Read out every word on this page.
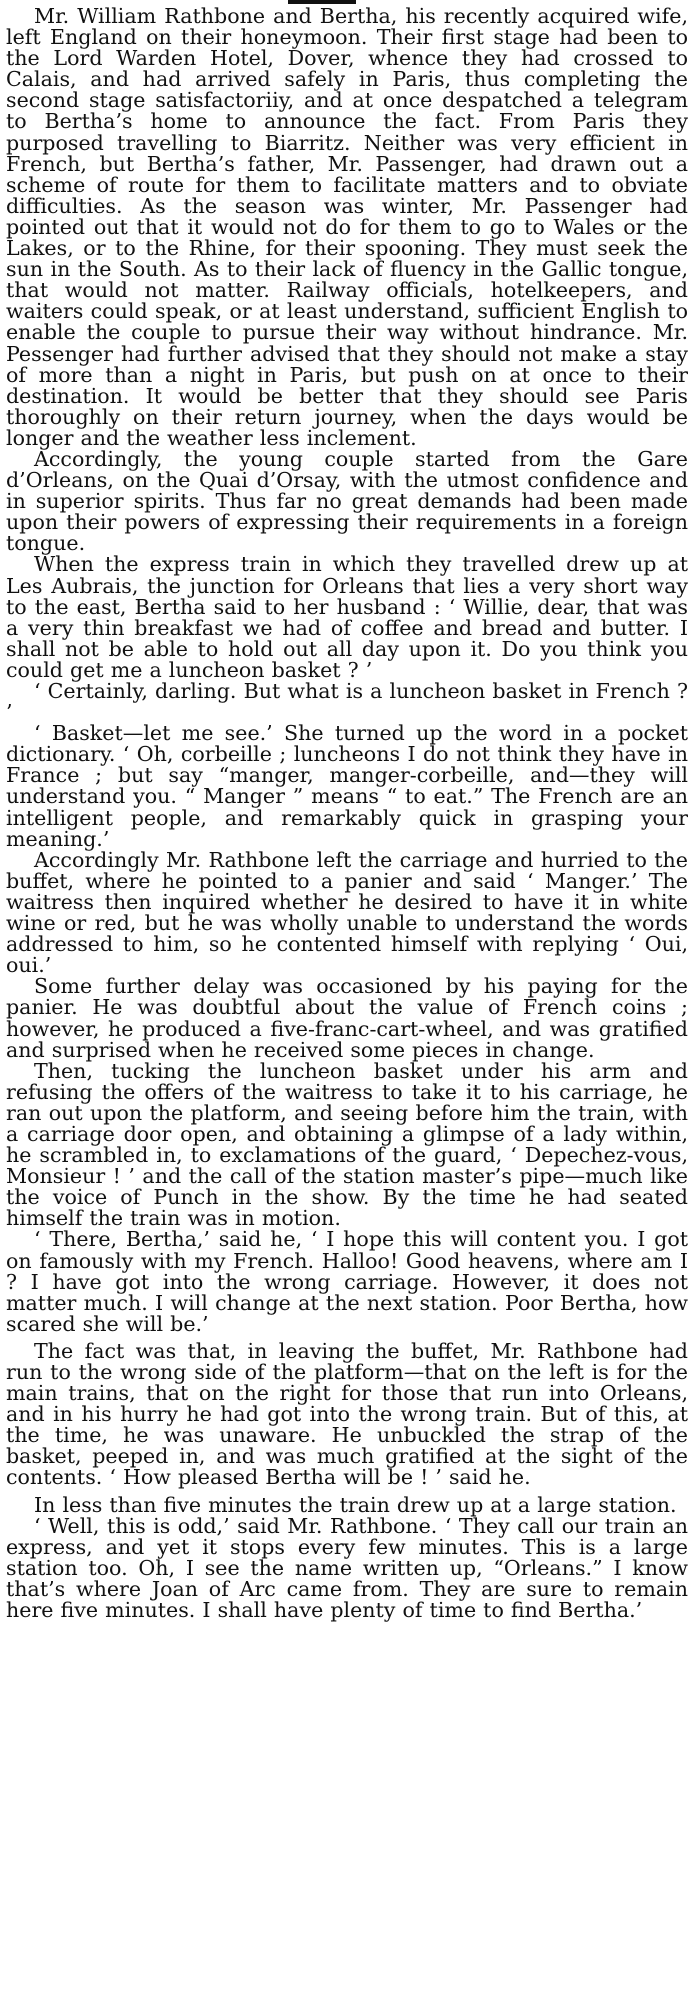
Mr. William Rathbone and Bertha, his recently acquired wife, left England on their honeymoon. Their first stage had been to the Lord Warden Hotel, Dover, whence they had crossed to Calais, and had arrived safely in Paris, thus completing the second stage satisfactoriiy, and at once despatched a telegram to Bertha’s home to announce the fact. From Paris they purposed travelling to Biarritz. Neither was very efficient in French, but Bertha’s father, Mr. Passenger, had drawn out a scheme of route for them to facilitate matters and to obviate difficulties. As the season was winter, Mr. Passenger had pointed out that it would not do for them to go to Wales or the Lakes, or to the Rhine, for their spooning. They must seek the sun in the South. As to their lack of fluency in the Gallic tongue, that would not matter. Railway officials, hotelkeepers, and waiters could speak, or at least understand, sufficient English to enable the couple to pursue their way without hindrance. Mr. Pessenger had further advised that they should not make a stay of more than a night in Paris, but push on at once to their destination. It would be better that they should see Paris thoroughly on their return journey, when the days would be longer and the weather less inclement.

Accordingly, the young couple started from the Gare d’Orleans, on the Quai d’Orsay, with the utmost confidence and in superior spirits. Thus far no great demands had been made upon their powers of expressing their requirements in a foreign tongue.

When the express train in which they travelled drew up at Les Aubrais, the junction for Orleans that lies a very short way to the east, Bertha said to her husband : ‘ Willie, dear, that was a very thin breakfast we had of coffee and bread and butter. I shall not be able to hold out all day upon it. Do you think you could get me a luncheon basket ? ’

‘ Certainly, darling. But what is a luncheon basket in French ? ’

‘ Basket—let me see.’ She turned up the word in a pocket dictionary. ‘ Oh, corbeille ; luncheons I do not think they have in France ; but say “manger, manger-corbeille, and—they will understand you. “ Manger ” means “ to eat.” The French are an intelligent people, and remarkably quick in grasping your meaning.’

Accordingly Mr. Rathbone left the carriage and hurried to the buffet, where he pointed to a panier and said ‘ Manger.’ The waitress then inquired whether he desired to have it in white wine or red, but he was wholly unable to understand the words addressed to him, so he contented himself with replying ‘ Oui, oui.’

Some further delay was occasioned by his paying for the panier. He was doubtful about the value of French coins ; however, he produced a five-franc-cart-wheel, and was gratified and surprised when he received some pieces in change.

Then, tucking the luncheon basket under his arm and refusing the offers of the waitress to take it to his carriage, he ran out upon the platform, and seeing before him the train, with a carriage door open, and obtaining a glimpse of a lady within, he scrambled in, to exclamations of the guard, ‘ Depechez-vous, Monsieur ! ’ and the call of the station master’s pipe—much like the voice of Punch in the show. By the time he had seated himself the train was in motion.

‘ There, Bertha,’ said he, ‘ I hope this will content you. I got on famously with my French. Halloo! Good heavens, where am I ? I have got into the wrong carriage. However, it does not matter much. I will change at the next station. Poor Bertha, how scared she will be.’

The fact was that, in leaving the buffet, Mr. Rathbone had run to the wrong side of the platform—that on the left is for the main trains, that on the right for those that run into Orleans, and in his hurry he had got into the wrong train. But of this, at the time, he was unaware. He unbuckled the strap of the basket, peeped in, and was much gratified at the sight of the contents. ‘ How pleased Bertha will be ! ’ said he.

In less than five minutes the train drew up at a large station.

‘ Well, this is odd,’ said Mr. Rathbone. ‘ They call our train an express, and yet it stops every few minutes. This is a large station too. Oh, I see the name written up, “Orleans.” I know that’s where Joan of Arc came from. They are sure to remain here five minutes. I shall have plenty of time to find Bertha.’
